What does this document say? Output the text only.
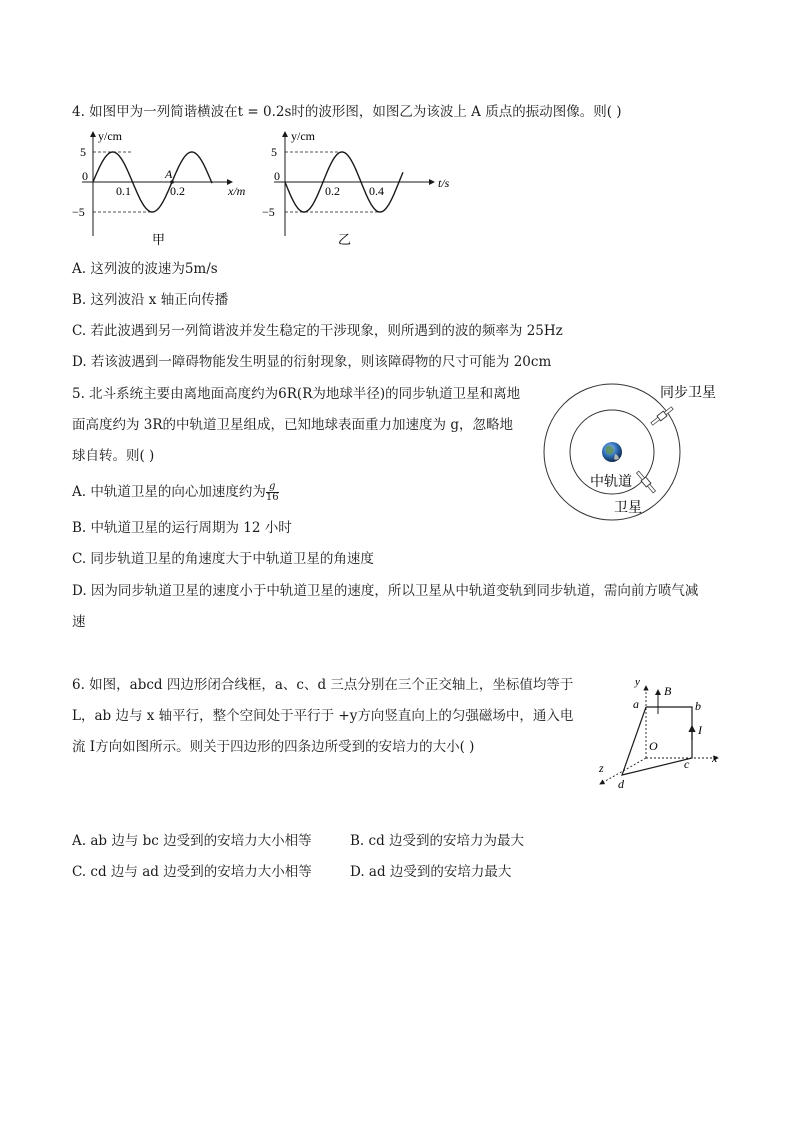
4. 如图甲为一列简谐横波在t = 0.2s时的波形图，如图乙为该波上 A 质点的振动图像。则( )
y/cm
5
−5
0
0.1	0.2
A
x/m
甲
y/cm
5
−5
0
0.2 0.4
t/s
乙
A. 这列波的波速为5m/s
B. 这列波沿 x 轴正向传播
C. 若此波遇到另一列简谐波并发生稳定的干涉现象，则所遇到的波的频率为 25Hz
D. 若该波遇到一障碍物能发生明显的衍射现象，则该障碍物的尺寸可能为 20cm
5. 北斗系统主要由离地面高度约为6R(R为地球半径)的同步轨道卫星和离地
面高度约为 3R的中轨道卫星组成，已知地球表面重力加速度为 g，忽略地
球自转。则( )
A. 中轨道卫星的向心加速度约为 $\frac{g}{16}$
B. 中轨道卫星的运行周期为 12 小时
C. 同步轨道卫星的角速度大于中轨道卫星的角速度
D. 因为同步轨道卫星的速度小于中轨道卫星的速度，所以卫星从中轨道变轨到同步轨道，需向前方喷气减
速
同步卫星
中轨道
卫星
6. 如图，abcd 四边形闭合线框，a、c、d 三点分别在三个正交轴上，坐标值均等于
L，ab 边与 x 轴平行，整个空间处于平行于 +y方向竖直向上的匀强磁场中，通入电
流 I方向如图所示。则关于四边形的四条边所受到的安培力的大小( )
y
x
z
O
a	b
c
d
B
I
A. ab 边与 bc 边受到的安培力大小相等	B. cd 边受到的安培力为最大
C. cd 边与 ad 边受到的安培力大小相等	D. ad 边受到的安培力最大
